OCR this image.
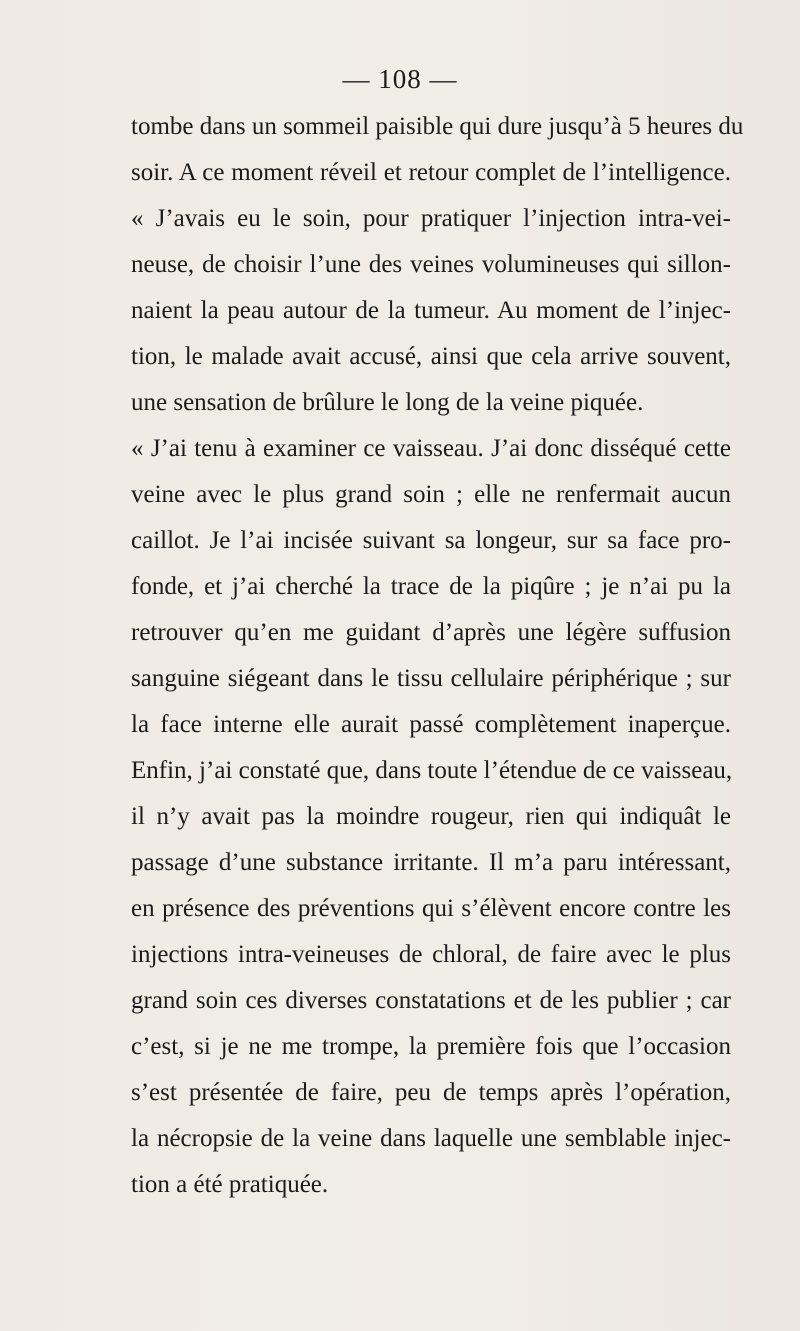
— 108 —
tombe dans un sommeil paisible qui dure jusqu’à 5 heures du
soir. A ce moment réveil et retour complet de l’intelligence.
« J’avais eu le soin, pour pratiquer l’injection intra-vei-
neuse, de choisir l’une des veines volumineuses qui sillon-
naient la peau autour de la tumeur. Au moment de l’injec-
tion, le malade avait accusé, ainsi que cela arrive souvent,
une sensation de brûlure le long de la veine piquée.
« J’ai tenu à examiner ce vaisseau. J’ai donc disséqué cette
veine avec le plus grand soin ; elle ne renfermait aucun
caillot. Je l’ai incisée suivant sa longeur, sur sa face pro-
fonde, et j’ai cherché la trace de la piqûre ; je n’ai pu la
retrouver qu’en me guidant d’après une légère suffusion
sanguine siégeant dans le tissu cellulaire périphérique ; sur
la face interne elle aurait passé complètement inaperçue.
Enfin, j’ai constaté que, dans toute l’étendue de ce vaisseau,
il n’y avait pas la moindre rougeur, rien qui indiquât le
passage d’une substance irritante. Il m’a paru intéressant,
en présence des préventions qui s’élèvent encore contre les
injections intra-veineuses de chloral, de faire avec le plus
grand soin ces diverses constatations et de les publier ; car
c’est, si je ne me trompe, la première fois que l’occasion
s’est présentée de faire, peu de temps après l’opération,
la nécropsie de la veine dans laquelle une semblable injec-
tion a été pratiquée.
